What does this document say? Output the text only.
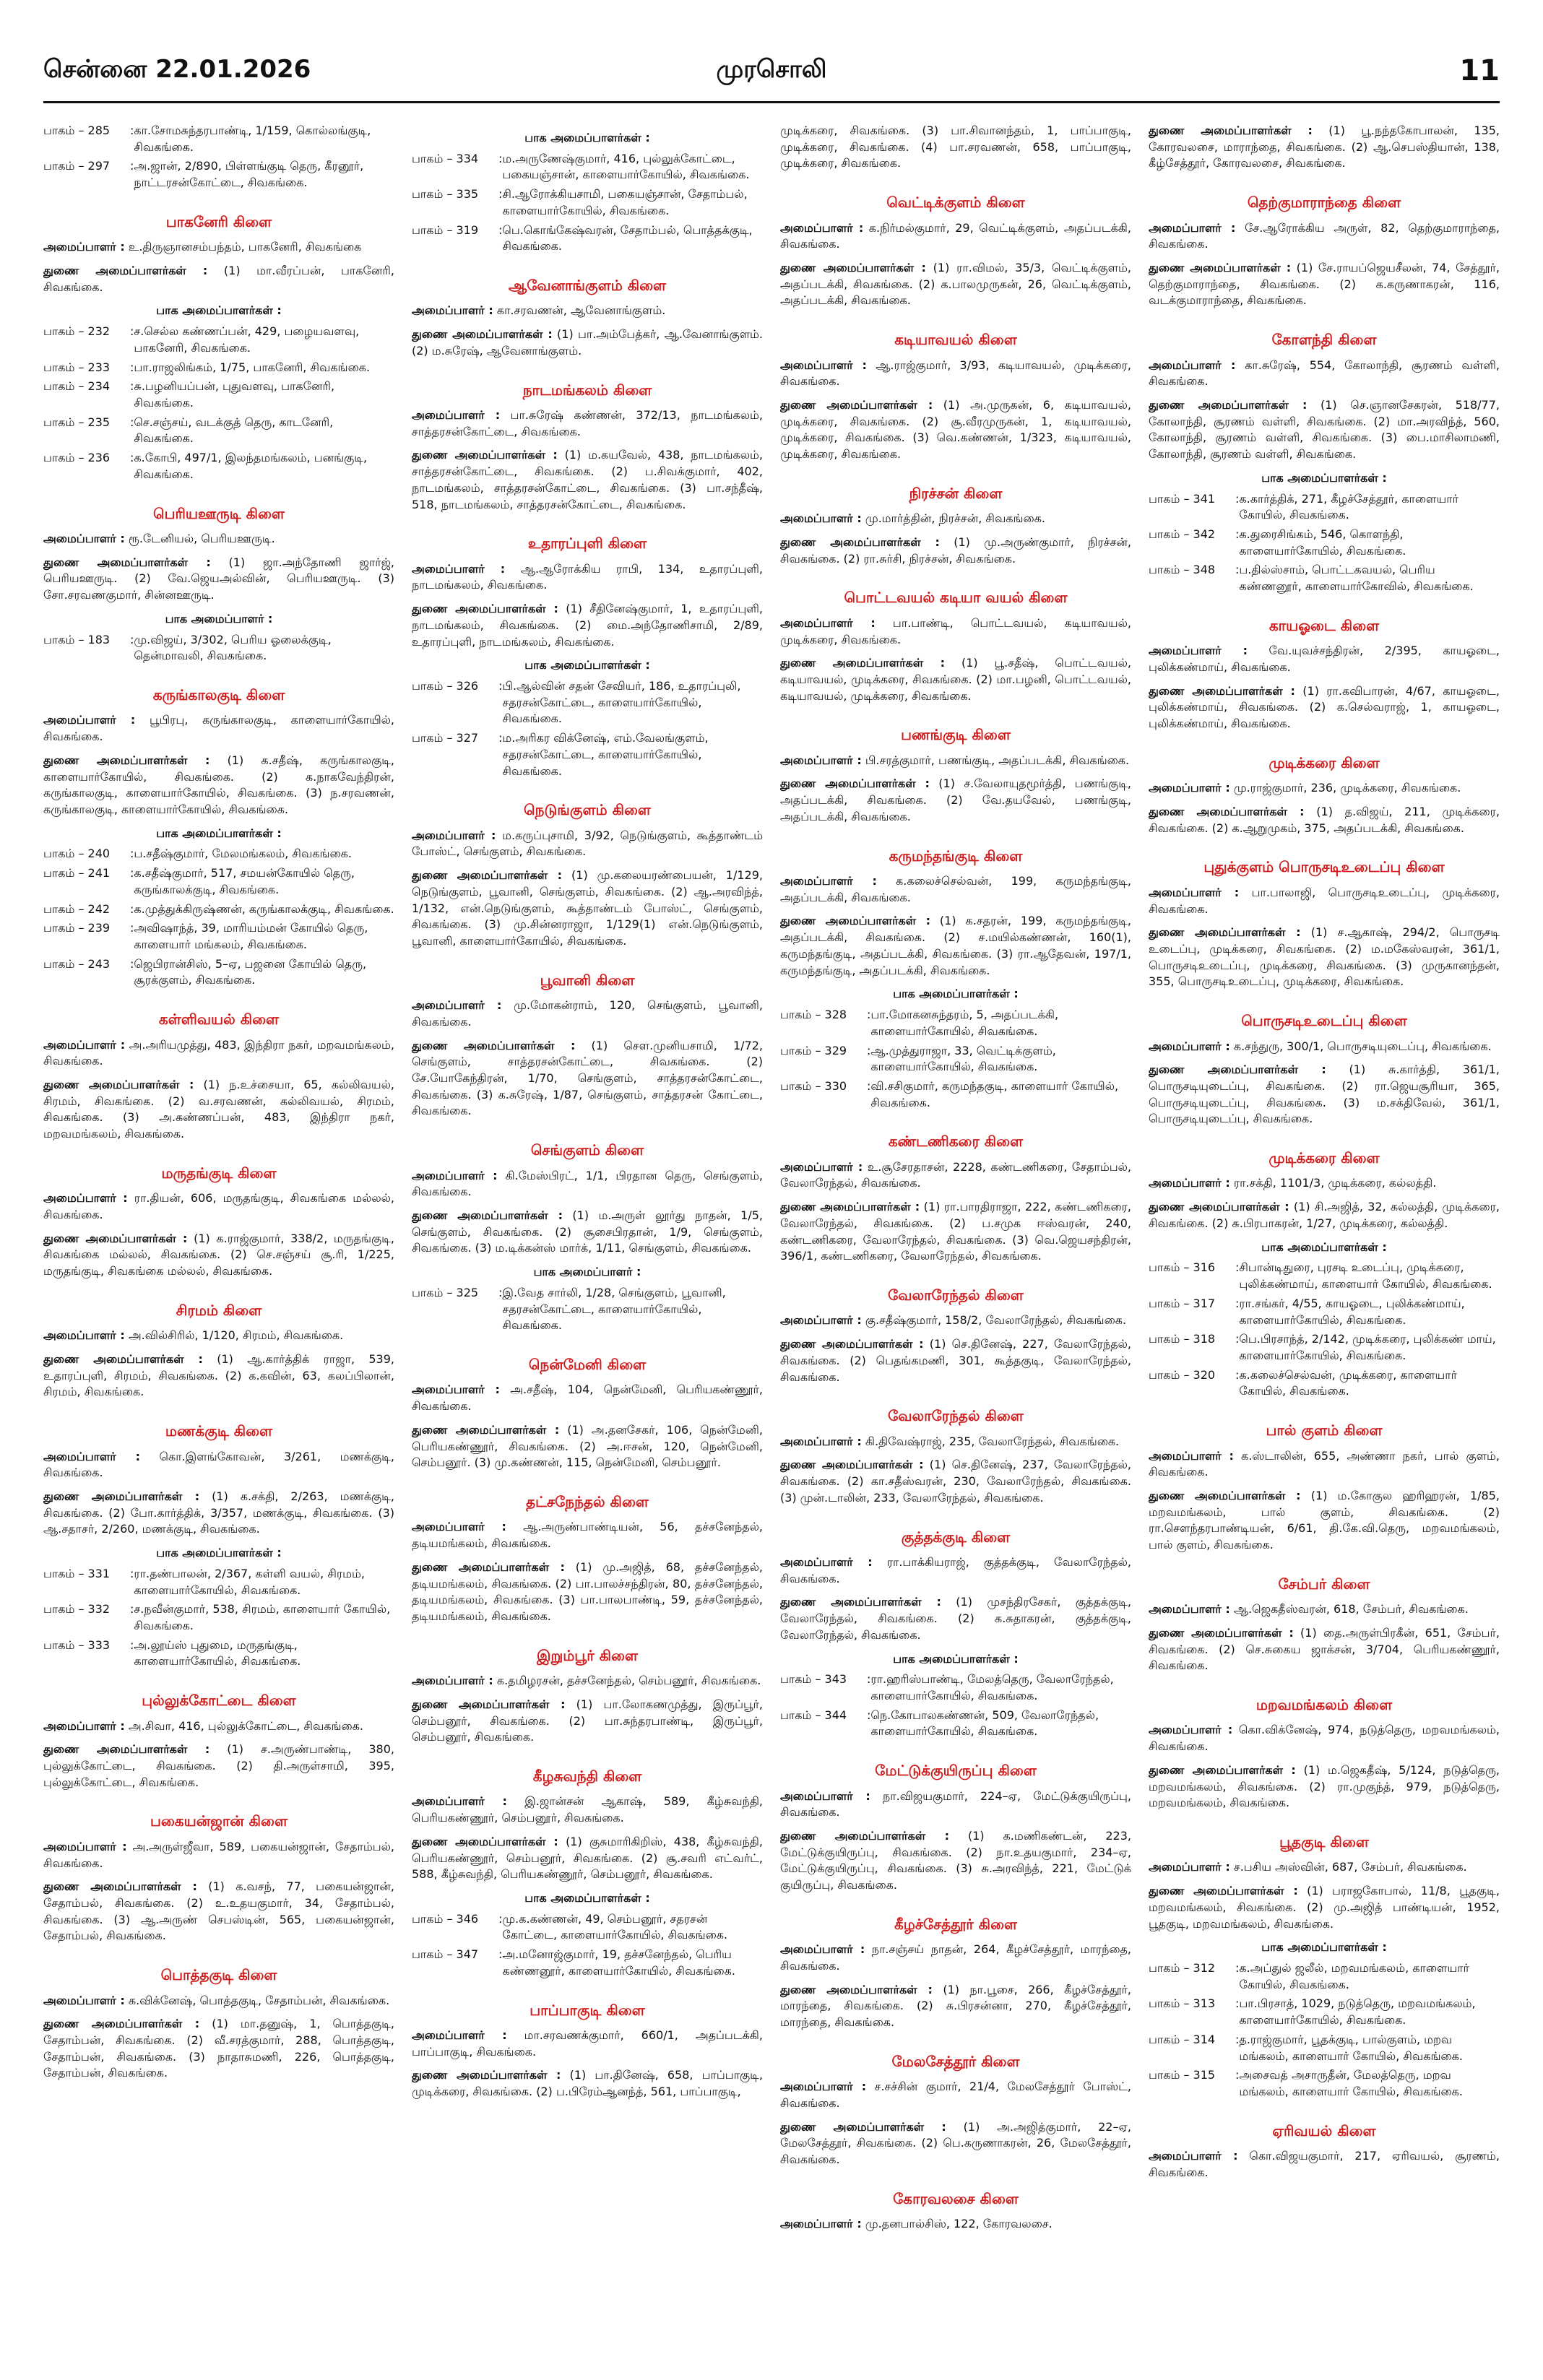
சென்னை 22.01.2026	முரசொலி	11
பாகம் – 285	: கா.சோமசுந்தரபாண்டி, 1/159, கொல்லங்குடி, சிவகங்கை.
பாகம் – 297	: அ.ஜான், 2/890, பிள்ளங்குடி தெரு, கீரனூர், நாட்டரசன்கோட்டை, சிவகங்கை.
பாகனேரி கிளை
அமைப்பாளர் : உ.திருஞானசம்பந்தம், பாகனேரி, சிவகங்கை
துணை அமைப்பாளர்கள் : (1) மா.வீரப்பன், பாகனேரி, சிவகங்கை.
பாக அமைப்பாளர்கள் :
பாகம் – 232	: ச.செல்ல கண்ணப்பன், 429, பழையவளவு, பாகனேரி, சிவகங்கை.
பாகம் – 233	: பா.ராஜலிங்கம், 1/75, பாகனேரி, சிவகங்கை.
பாகம் – 234	: சு.பழனியப்பன், புதுவளவு, பாகனேரி, சிவகங்கை.
பாகம் – 235	: செ.சஞ்சய், வடக்குத் தெரு, காடனேரி, சிவகங்கை.
பாகம் – 236	: க.கோபி, 497/1, இலந்தமங்கலம், பனங்குடி, சிவகங்கை.
பெரியஊருடி கிளை
அமைப்பாளர் : ரூ.டேனியல், பெரியஊருடி.
துணை அமைப்பாளர்கள் : (1) ஜா.அந்தோணி ஜார்ஜ், பெரியஊருடி. (2) வே.ஜெயஅல்வின், பெரியஊருடி. (3) சோ.சரவணகுமார், சின்னஊருடி.
பாக அமைப்பாளர் :
பாகம் – 183	: மு.விஜய், 3/302, பெரிய ஓலைக்குடி, தென்மாவலி, சிவகங்கை.
கருங்காலகுடி கிளை
அமைப்பாளர் : பூபிரபு, கருங்காலகுடி, காளையார்கோயில், சிவகங்கை.
துணை அமைப்பாளர்கள் : (1) க.சதீஷ், கருங்காலகுடி, காளையார்கோயில், சிவகங்கை. (2) க.நாகவேந்திரன், கருங்காலகுடி, காளையார்கோயில், சிவகங்கை. (3) ந.சரவணன், கருங்காலகுடி, காளையார்கோயில், சிவகங்கை.
பாக அமைப்பாளர்கள் :
பாகம் – 240	: ப.சதீஷ்குமார், மேலமங்கலம், சிவகங்கை.
பாகம் – 241	: க.சதீஷ்குமார், 517, சமயன்கோயில் தெரு, கருங்காலக்குடி, சிவகங்கை.
பாகம் – 242	: க.முத்துக்கிருஷ்ணன், கருங்காலக்குடி, சிவகங்கை.
பாகம் – 239	: அவிஷாந்த், 39, மாரியம்மன் கோயில் தெரு, காளையார் மங்கலம், சிவகங்கை.
பாகம் – 243	: ஜெபிரான்சிஸ், 5–ஏ, பஜனை கோயில் தெரு, சூரக்குளம், சிவகங்கை.
கள்ளிவயல் கிளை
அமைப்பாளர் : அ.அரியமுத்து, 483, இந்திரா நகர், மறவமங்கலம், சிவகங்கை.
துணை அமைப்பாளர்கள் : (1) ந.உச்சையா, 65, கல்லிவயல், சிரமம், சிவகங்கை. (2) வ.சரவணன், கல்லிவயல், சிரமம், சிவகங்கை. (3) அ.கண்ணப்பன், 483, இந்திரா நகர், மறவமங்கலம், சிவகங்கை.
மருதங்குடி கிளை
அமைப்பாளர் : ரா.தியன், 606, மருதங்குடி, சிவகங்கை மல்லல், சிவகங்கை.
துணை அமைப்பாளர்கள் : (1) க.ராஜ்குமார், 338/2, மருதங்குடி, சிவகங்கை மல்லல், சிவகங்கை. (2) செ.சஞ்சய் சூ.ரி, 1/225, மருதங்குடி, சிவகங்கை மல்லல், சிவகங்கை.
சிரமம் கிளை
அமைப்பாளர் : அ.வில்சிரில், 1/120, சிரமம், சிவகங்கை.
துணை அமைப்பாளர்கள் : (1) ஆ.கார்த்திக் ராஜா, 539, உதாரப்புளி, சிரமம், சிவகங்கை. (2) க.கவின், 63, கலப்பிலான், சிரமம், சிவகங்கை.
மணக்குடி கிளை
அமைப்பாளர் : கொ.இளங்கோவன், 3/261, மணக்குடி, சிவகங்கை.
துணை அமைப்பாளர்கள் : (1) க.சக்தி, 2/263, மணக்குடி, சிவகங்கை. (2) போ.கார்த்திக், 3/357, மணக்குடி, சிவகங்கை. (3) ஆ.சதாசர், 2/260, மணக்குடி, சிவகங்கை.
பாக அமைப்பாளர்கள் :
பாகம் – 331	: ரா.தண்பாலன், 2/367, கள்ளி வயல், சிரமம், காளையார்கோயில், சிவகங்கை.
பாகம் – 332	: ச.நவீன்குமார், 538, சிரமம், காளையார் கோயில், சிவகங்கை.
பாகம் – 333	: அ.லூய்ஸ் புதுமை, மருதங்குடி, காளையார்கோயில், சிவகங்கை.
புல்லுக்கோட்டை கிளை
அமைப்பாளர் : அ.சிவா, 416, புல்லுக்கோட்டை, சிவகங்கை.
துணை அமைப்பாளர்கள் : (1) ச.அருண்பாண்டி, 380, புல்லுக்கோட்டை, சிவகங்கை. (2) தி.அருள்சாமி, 395, புல்லுக்கோட்டை, சிவகங்கை.
பகையன்ஜான் கிளை
அமைப்பாளர் : அ.அருள்ஜீவா, 589, பகையன்ஜான், சேதாம்பல், சிவகங்கை.
துணை அமைப்பாளர்கள் : (1) க.வசந், 77, பகையன்ஜான், சேதாம்பல், சிவகங்கை. (2) உ.உதயகுமார், 34, சேதாம்பல், சிவகங்கை. (3) ஆ.அருண் செபஸ்டின், 565, பகையன்ஜான், சேதாம்பல், சிவகங்கை.
பொத்தகுடி கிளை
அமைப்பாளர் : க.விக்னேஷ், பொத்தகுடி, சேதாம்பன், சிவகங்கை.
துணை அமைப்பாளர்கள் : (1) மா.தனுஷ், 1, பொத்தகுடி, சேதாம்பன், சிவகங்கை. (2) வீ.சரத்குமார், 288, பொத்தகுடி, சேதாம்பன், சிவகங்கை. (3) நாதாசுமணி, 226, பொத்தகுடி, சேதாம்பன், சிவகங்கை.
பாக அமைப்பாளர்கள் :
பாகம் – 334	: ம.அருணேஷ்குமார், 416, புல்லுக்கோட்டை, பகையஞ்சான், காளையார்கோயில், சிவகங்கை.
பாகம் – 335	: சி.ஆரோக்கியசாமி, பகையஞ்சான், சேதாம்பல், காளையார்கோயில், சிவகங்கை.
பாகம் – 319	: பெ.கொங்கேஷ்வரன், சேதாம்பல், பொத்தக்குடி, சிவகங்கை.
ஆவேனாங்குளம் கிளை
அமைப்பாளர் : கா.சரவணன், ஆவேனாங்குளம்.
துணை அமைப்பாளர்கள் : (1) பா.அம்பேத்கர், ஆ.வேனாங்குளம். (2) ம.சுரேஷ், ஆவேனாங்குளம்.
நாடமங்கலம் கிளை
அமைப்பாளர் : பா.சுரேஷ் கண்ணன், 372/13, நாடமங்கலம், சாத்தரசன்கோட்டை, சிவகங்கை.
துணை அமைப்பாளர்கள் : (1) ம.கயவேல், 438, நாடமங்கலம், சாத்தரசன்கோட்டை, சிவகங்கை. (2) ப.சிவக்குமார், 402, நாடமங்கலம், சாத்தரசன்கோட்டை, சிவகங்கை. (3) பா.சந்தீஷ், 518, நாடமங்கலம், சாத்தரசன்கோட்டை, சிவகங்கை.
உதாரப்புளி கிளை
அமைப்பாளர் : ஆ.ஆரோக்கிய ராபி, 134, உதாரப்புளி, நாடமங்கலம், சிவகங்கை.
துணை அமைப்பாளர்கள் : (1) சீதினேஷ்குமார், 1, உதாரப்புளி, நாடமங்கலம், சிவகங்கை. (2) மை.அந்தோணிசாமி, 2/89, உதாரப்புளி, நாடமங்கலம், சிவகங்கை.
பாக அமைப்பாளர்கள் :
பாகம் – 326	: பி.ஆல்வின் சதன் சேவியர், 186, உதாரப்புலி, சதரசன்கோட்டை, காளையார்கோயில், சிவகங்கை.
பாகம் – 327	: ம.அரிகர விக்னேஷ், எம்.வேலங்குளம், சதரசன்கோட்டை, காளையார்கோயில், சிவகங்கை.
நெடுங்குளம் கிளை
அமைப்பாளர் : ம.கருப்புசாமி, 3/92, நெடுங்குளம், கூத்தாண்டம் போஸ்ட், செங்குளம், சிவகங்கை.
துணை அமைப்பாளர்கள் : (1) மு.கலையரண்பையன், 1/129, நெடுங்குளம், பூவானி, செங்குளம், சிவகங்கை. (2) ஆ.அரவிந்த், 1/132, என்.நெடுங்குளம், கூத்தாண்டம் போஸ்ட், செங்குளம், சிவகங்கை. (3) மு.சின்னராஜா, 1/129(1) என்.நெடுங்குளம், பூவானி, காளையார்கோயில், சிவகங்கை.
பூவானி கிளை
அமைப்பாளர் : மு.மோகன்ராம், 120, செங்குளம், பூவானி, சிவகங்கை.
துணை அமைப்பாளர்கள் : (1) செள.முனியசாமி, 1/72, செங்குளம், சாத்தரசன்கோட்டை, சிவகங்கை. (2) சே.யோகேந்திரன், 1/70, செங்குளம், சாத்தரசன்கோட்டை, சிவகங்கை. (3) க.சுரேஷ், 1/87, செங்குளம், சாத்தரசன் கோட்டை, சிவகங்கை.
செங்குளம் கிளை
அமைப்பாளர் : கி.மேஸ்பிரட், 1/1, பிரதான தெரு, செங்குளம், சிவகங்கை.
துணை அமைப்பாளர்கள் : (1) ம.அருள் லூர்து நாதன், 1/5, செங்குளம், சிவகங்கை. (2) சூசைபிரதான், 1/9, செங்குளம், சிவகங்கை. (3) ம.டிக்கன்ஸ் மார்க், 1/11, செங்குளம், சிவகங்கை.
பாக அமைப்பாளர் :
பாகம் – 325	: இ.வேத சார்லி, 1/28, செங்குளம், பூவானி, சதரசன்கோட்டை, காளையார்கோயில், சிவகங்கை.
நென்மேனி கிளை
அமைப்பாளர் : அ.சதீஷ், 104, நென்மேனி, பெரியகண்ணூர், சிவகங்கை.
துணை அமைப்பாளர்கள் : (1) அ.தனசேகர், 106, நென்மேனி, பெரியகண்ணூர், சிவகங்கை. (2) அ.ஈசன், 120, நென்மேனி, செம்பனூர். (3) மு.கண்ணன், 115, நென்மேனி, செம்பனூர்.
தட்சநேந்தல் கிளை
அமைப்பாளர் : ஆ.அருண்பாண்டியன், 56, தச்சனேந்தல், தடியமங்கலம், சிவகங்கை.
துணை அமைப்பாளர்கள் : (1) மு.அஜித், 68, தச்சனேந்தல், தடியமங்கலம், சிவகங்கை. (2) பா.பாலச்சந்திரன், 80, தச்சனேந்தல், தடியமங்கலம், சிவகங்கை. (3) பா.பாலபாண்டி, 59, தச்சனேந்தல், தடியமங்கலம், சிவகங்கை.
இறும்பூர் கிளை
அமைப்பாளர் : க.தமிழரசன், தச்சனேந்தல், செம்பனூர், சிவகங்கை.
துணை அமைப்பாளர்கள் : (1) பா.லோகணமுத்து, இருப்பூர், செம்பனூர், சிவகங்கை. (2) பா.சுந்தரபாண்டி, இருப்பூர், செம்பனூர், சிவகங்கை.
கீழசுவந்தி கிளை
அமைப்பாளர் : இ.ஜான்சன் ஆகாஷ், 589, கீழ்சுவந்தி, பெரியகண்ணூர், செம்பனூர், சிவகங்கை.
துணை அமைப்பாளர்கள் : (1) குசுமாரிகிறிஸ், 438, கீழ்சுவந்தி, பெரியகண்ணூர், செம்பனூர், சிவகங்கை. (2) சூ.சவரி எட்வர்ட், 588, கீழ்சுவந்தி, பெரியகண்ணூர், செம்பனூர், சிவகங்கை.
பாக அமைப்பாளர்கள் :
பாகம் – 346	: மு.க.கண்ணன், 49, செம்பனூர், சதரசன் கோட்டை, காளையார்கோயில், சிவகங்கை.
பாகம் – 347	: அ.மனோஜ்குமார், 19, தச்சனேந்தல், பெரிய கண்ணனூர், காளையார்கோயில், சிவகங்கை.
பாப்பாகுடி கிளை
அமைப்பாளர் : மா.சரவணக்குமார், 660/1, அதப்படக்கி, பாப்பாகுடி, சிவகங்கை.
துணை அமைப்பாளர்கள் : (1) பா.தினேஷ், 658, பாப்பாகுடி, முடிக்கரை, சிவகங்கை. (2) ப.பிரேம்ஆனந்த், 561, பாப்பாகுடி,
முடிக்கரை, சிவகங்கை. (3) பா.சிவானந்தம், 1, பாப்பாகுடி, முடிக்கரை, சிவகங்கை. (4) பா.சரவணன், 658, பாப்பாகுடி, முடிக்கரை, சிவகங்கை.
வெட்டிக்குளம் கிளை
அமைப்பாளர் : க.நிர்மல்குமார், 29, வெட்டிக்குளம், அதப்படக்கி, சிவகங்கை.
துணை அமைப்பாளர்கள் : (1) ரா.விமல், 35/3, வெட்டிக்குளம், அதப்படக்கி, சிவகங்கை. (2) க.பாலமுருகன், 26, வெட்டிக்குளம், அதப்படக்கி, சிவகங்கை.
கடியாவயல் கிளை
அமைப்பாளர் : ஆ.ராஜ்குமார், 3/93, கடியாவயல், முடிக்கரை, சிவகங்கை.
துணை அமைப்பாளர்கள் : (1) அ.முருகன், 6, கடியாவயல், முடிக்கரை, சிவகங்கை. (2) சூ.வீரமுருகன், 1, கடியாவயல், முடிக்கரை, சிவகங்கை. (3) வெ.கண்ணன், 1/323, கடியாவயல், முடிக்கரை, சிவகங்கை.
நிரச்சன் கிளை
அமைப்பாளர் : மு.மார்த்தின், நிரச்சன், சிவகங்கை.
துணை அமைப்பாளர்கள் : (1) மு.அருண்குமார், நிரச்சன், சிவகங்கை. (2) ரா.சுர்சி, நிரச்சன், சிவகங்கை.
பொட்டவயல் கடியா வயல் கிளை
அமைப்பாளர் : பா.பாண்டி, பொட்டவயல், கடியாவயல், முடிக்கரை, சிவகங்கை.
துணை அமைப்பாளர்கள் : (1) பூ.சதீஷ், பொட்டவயல், கடியாவயல், முடிக்கரை, சிவகங்கை. (2) மா.பழனி, பொட்டவயல், கடியாவயல், முடிக்கரை, சிவகங்கை.
பணங்குடி கிளை
அமைப்பாளர் : பி.சரத்குமார், பணங்குடி, அதப்படக்கி, சிவகங்கை.
துணை அமைப்பாளர்கள் : (1) ச.வேலாயுதமூர்த்தி, பணங்குடி, அதப்படக்கி, சிவகங்கை. (2) வே.தயவேல், பணங்குடி, அதப்படக்கி, சிவகங்கை.
கருமந்தங்குடி கிளை
அமைப்பாளர் : க.கலைச்செல்வன், 199, கருமந்தங்குடி, அதப்படக்கி, சிவகங்கை.
துணை அமைப்பாளர்கள் : (1) க.சதரன், 199, கருமந்தங்குடி, அதப்படக்கி, சிவகங்கை. (2) ச.மயில்கண்ணன், 160(1), கருமந்தங்குடி, அதப்படக்கி, சிவகங்கை. (3) ரா.ஆதேவன், 197/1, கருமந்தங்குடி, அதப்படக்கி, சிவகங்கை.
பாக அமைப்பாளர்கள் :
பாகம் – 328	: பா.மோகனசுந்தரம், 5, அதப்படக்கி, காளையார்கோயில், சிவகங்கை.
பாகம் – 329	: ஆ.முத்துராஜா, 33, வெட்டிக்குளம், காளையார்கோயில், சிவகங்கை.
பாகம் – 330	: வி.சசிகுமார், கருமந்தகுடி, காளையார் கோயில், சிவகங்கை.
கண்டணிகரை கிளை
அமைப்பாளர் : உ.சூசேரதாசன், 2228, கண்டணிகரை, சேதாம்பல், வேலாரேந்தல், சிவகங்கை.
துணை அமைப்பாளர்கள் : (1) ரா.பாரதிராஜா, 222, கண்டணிகரை, வேலாரேந்தல், சிவகங்கை. (2) ப.சமுக ஈஸ்வரன், 240, கண்டணிகரை, வேலாரேந்தல், சிவகங்கை. (3) வெ.ஜெயசந்திரன், 396/1, கண்டணிகரை, வேலாரேந்தல், சிவகங்கை.
வேலாரேந்தல் கிளை
அமைப்பாளர் : கு.சதீஷ்குமார், 158/2, வேலாரேந்தல், சிவகங்கை.
துணை அமைப்பாளர்கள் : (1) செ.தினேஷ், 227, வேலாரேந்தல், சிவகங்கை. (2) பெதங்கமணி, 301, கூத்தகுடி, வேலாரேந்தல், சிவகங்கை.
வேலாரேந்தல் கிளை
அமைப்பாளர் : கி.திவேஷ்ராஜ், 235, வேலாரேந்தல், சிவகங்கை.
துணை அமைப்பாளர்கள் : (1) செ.தினேஷ், 237, வேலாரேந்தல், சிவகங்கை. (2) கா.சதீஸ்வரன், 230, வேலாரேந்தல், சிவகங்கை. (3) முன்.டாலின், 233, வேலாரேந்தல், சிவகங்கை.
குத்தக்குடி கிளை
அமைப்பாளர் : ரா.பாக்கியராஜ், குத்தக்குடி, வேலாரேந்தல், சிவகங்கை.
துணை அமைப்பாளர்கள் : (1) முசந்திரசேகர், குத்தக்குடி, வேலாரேந்தல், சிவகங்கை. (2) க.சுதாகரன், குத்தக்குடி, வேலாரேந்தல், சிவகங்கை.
பாக அமைப்பாளர்கள் :
பாகம் – 343	: ரா.ஹரிஸ்பாண்டி, மேலத்தெரு, வேலாரேந்தல், காளையார்கோயில், சிவகங்கை.
பாகம் – 344	: நெ.கோபாலகண்ணன், 509, வேலாரேந்தல், காளையார்கோயில், சிவகங்கை.
மேட்டுக்குயிருப்பு கிளை
அமைப்பாளர் : நா.விஜயகுமார், 224–ஏ, மேட்டுக்குயிருப்பு, சிவகங்கை.
துணை அமைப்பாளர்கள் : (1) க.மணிகண்டன், 223, மேட்டுக்குயிருப்பு, சிவகங்கை. (2) நா.உதயகுமார், 234–ஏ, மேட்டுக்குயிருப்பு, சிவகங்கை. (3) சு.அரவிந்த், 221, மேட்டுக் குயிருப்பு, சிவகங்கை.
கீழச்சேத்தூர் கிளை
அமைப்பாளர் : நா.சஞ்சய் நாதன், 264, கீழச்சேத்தூர், மாரந்தை, சிவகங்கை.
துணை அமைப்பாளர்கள் : (1) நா.பூசை, 266, கீழச்சேத்தூர், மாரந்தை, சிவகங்கை. (2) சு.பிரசன்னா, 270, கீழச்சேத்தூர், மாரந்தை, சிவகங்கை.
மேலசேத்தூர் கிளை
அமைப்பாளர் : ச.சச்சின் குமார், 21/4, மேலசேத்தூர் போஸ்ட், சிவகங்கை.
துணை அமைப்பாளர்கள் : (1) அ.அஜித்குமார், 22–ஏ, மேலசேத்தூர், சிவகங்கை. (2) பெ.கருணாகரன், 26, மேலசேத்தூர், சிவகங்கை.
கோரவலசை கிளை
அமைப்பாளர் : மு.தனபால்சிஸ், 122, கோரவலசை.
துணை அமைப்பாளர்கள் : (1) பூ.நந்தகோபாலன், 135, கோரவலசை, மாராந்தை, சிவகங்கை. (2) ஆ.செபஸ்தியான், 138, கீழ்சேத்தூர், கோரவலசை, சிவகங்கை.
தெற்குமாராந்தை கிளை
அமைப்பாளர் : சே.ஆரோக்கிய அருள், 82, தெற்குமாராந்தை, சிவகங்கை.
துணை அமைப்பாளர்கள் : (1) சே.ராயப்ஜெயசீலன், 74, சேத்தூர், தெற்குமாராந்தை, சிவகங்கை. (2) க.கருணாகரன், 116, வடக்குமாராந்தை, சிவகங்கை.
கோளந்தி கிளை
அமைப்பாளர் : கா.சுரேஷ், 554, கோலாந்தி, சூரணம் வள்ளி, சிவகங்கை.
துணை அமைப்பாளர்கள் : (1) செ.ஞானசேகரன், 518/77, கோலாந்தி, சூரணம் வள்ளி, சிவகங்கை. (2) மா.அரவிந்த், 560, கோலாந்தி, சூரணம் வள்ளி, சிவகங்கை. (3) பை.மாசிலாமணி, கோலாந்தி, சூரணம் வள்ளி, சிவகங்கை.
பாக அமைப்பாளர்கள் :
பாகம் – 341	: க.கார்த்திக், 271, கீழச்சேத்தூர், காளையார் கோயில், சிவகங்கை.
பாகம் – 342	: க.துரைசிங்கம், 546, கொளந்தி, காளையார்கோயில், சிவகங்கை.
பாகம் – 348	: ப.தில்ஸ்சாம், பொட்டகவயல், பெரிய கண்ணனூர், காளையார்கோவில், சிவகங்கை.
காயஓடை கிளை
அமைப்பாளர் : வே.யுவச்சந்திரன், 2/395, காயஓடை, புலிக்கண்மாய், சிவகங்கை.
துணை அமைப்பாளர்கள் : (1) ரா.கவிபாரன், 4/67, காயஓடை, புலிக்கண்மாய், சிவகங்கை. (2) க.செல்வராஜ், 1, காயஓடை, புலிக்கண்மாய், சிவகங்கை.
முடிக்கரை கிளை
அமைப்பாளர் : மு.ராஜ்குமார், 236, முடிக்கரை, சிவகங்கை.
துணை அமைப்பாளர்கள் : (1) த.விஜய், 211, முடிக்கரை, சிவகங்கை. (2) க.ஆறுமுகம், 375, அதப்படக்கி, சிவகங்கை.
புதுக்குளம் பொருசடிஉடைப்பு கிளை
அமைப்பாளர் : பா.பாலாஜி, பொருசடிஉடைப்பு, முடிக்கரை, சிவகங்கை.
துணை அமைப்பாளர்கள் : (1) ச.ஆகாஷ், 294/2, பொருசடி உடைப்பு, முடிக்கரை, சிவகங்கை. (2) ம.மகேஸ்வரன், 361/1, பொருசடிஉடைப்பு, முடிக்கரை, சிவகங்கை. (3) முருகானந்தன், 355, பொருசடிஉடைப்பு, முடிக்கரை, சிவகங்கை.
பொருசடிஉடைப்பு கிளை
அமைப்பாளர் : க.சந்துரு, 300/1, பொருசடியுடைப்பு, சிவகங்கை.
துணை அமைப்பாளர்கள் : (1) சு.கார்த்தி, 361/1, பொருசடியுடைப்பு, சிவகங்கை. (2) ரா.ஜெயசூரியா, 365, பொருசடியுடைப்பு, சிவகங்கை. (3) ம.சக்திவேல், 361/1, பொருசடியுடைப்பு, சிவகங்கை.
முடிக்கரை கிளை
அமைப்பாளர் : ரா.சக்தி, 1101/3, முடிக்கரை, கல்லத்தி.
துணை அமைப்பாளர்கள் : (1) சி.அஜித், 32, கல்லத்தி, முடிக்கரை, சிவகங்கை. (2) சு.பிரபாகரன், 1/27, முடிக்கரை, கல்லத்தி.
பாக அமைப்பாளர்கள் :
பாகம் – 316	: சிபான்டிதுரை, புரசடி உடைப்பு, முடிக்கரை, புலிக்கண்மாய், காளையார் கோயில், சிவகங்கை.
பாகம் – 317	: ரா.சங்கர், 4/55, காயஓடை, புலிக்கண்மாய், காளையார்கோயில், சிவகங்கை.
பாகம் – 318	: பெ.பிரசாந்த், 2/142, முடிக்கரை, புலிக்கண் மாய், காளையார்கோயில், சிவகங்கை.
பாகம் – 320	: க.கலைச்செல்வன், முடிக்கரை, காளையார் கோயில், சிவகங்கை.
பால் குளம் கிளை
அமைப்பாளர் : க.ஸ்டாலின், 655, அண்ணா நகர், பால் குளம், சிவகங்கை.
துணை அமைப்பாளர்கள் : (1) ம.கோகுல ஹரிஹரன், 1/85, மறவமங்கலம், பால் குளம், சிவகங்கை. (2) ரா.சௌந்தரபாண்டியன், 6/61, தி.கே.வி.தெரு, மறவமங்கலம், பால் குளம், சிவகங்கை.
சேம்பர் கிளை
அமைப்பாளர் : ஆ.ஜெகதீஸ்வரன், 618, சேம்பர், சிவகங்கை.
துணை அமைப்பாளர்கள் : (1) தை.அருள்பிரகீன், 651, சேம்பர், சிவகங்கை. (2) செ.சுகைய ஜாக்சன், 3/704, பெரியகண்ணூர், சிவகங்கை.
மறவமங்கலம் கிளை
அமைப்பாளர் : கொ.விக்னேஷ், 974, நடுத்தெரு, மறவமங்கலம், சிவகங்கை.
துணை அமைப்பாளர்கள் : (1) ம.ஜெகதீஷ், 5/124, நடுத்தெரு, மறவமங்கலம், சிவகங்கை. (2) ரா.முகுந்த், 979, நடுத்தெரு, மறவமங்கலம், சிவகங்கை.
பூதகுடி கிளை
அமைப்பாளர் : ச.பசிய அஸ்வின், 687, சேம்பர், சிவகங்கை.
துணை அமைப்பாளர்கள் : (1) பராஜகோபால், 11/8, பூதகுடி, மறவமங்கலம், சிவகங்கை. (2) மு.அஜித் பாண்டியன், 1952, பூதகுடி, மறவமங்கலம், சிவகங்கை.
பாக அமைப்பாளர்கள் :
பாகம் – 312	: க.அப்துல் ஜலீல், மறவமங்கலம், காளையார் கோயில், சிவகங்கை.
பாகம் – 313	: பா.பிரசாத், 1029, நடுத்தெரு, மறவமங்கலம், காளையார்கோயில், சிவகங்கை.
பாகம் – 314	: த.ராஜ்குமார், பூதக்குடி, பால்குளம், மறவ மங்கலம், காளையார் கோயில், சிவகங்கை.
பாகம் – 315	: அசைவத் அசாருதீன், மேலத்தெரு, மறவ மங்கலம், காளையார் கோயில், சிவகங்கை.
ஏரிவயல் கிளை
அமைப்பாளர் : கொ.விஜயகுமார், 217, ஏரிவயல், சூரணம், சிவகங்கை.
